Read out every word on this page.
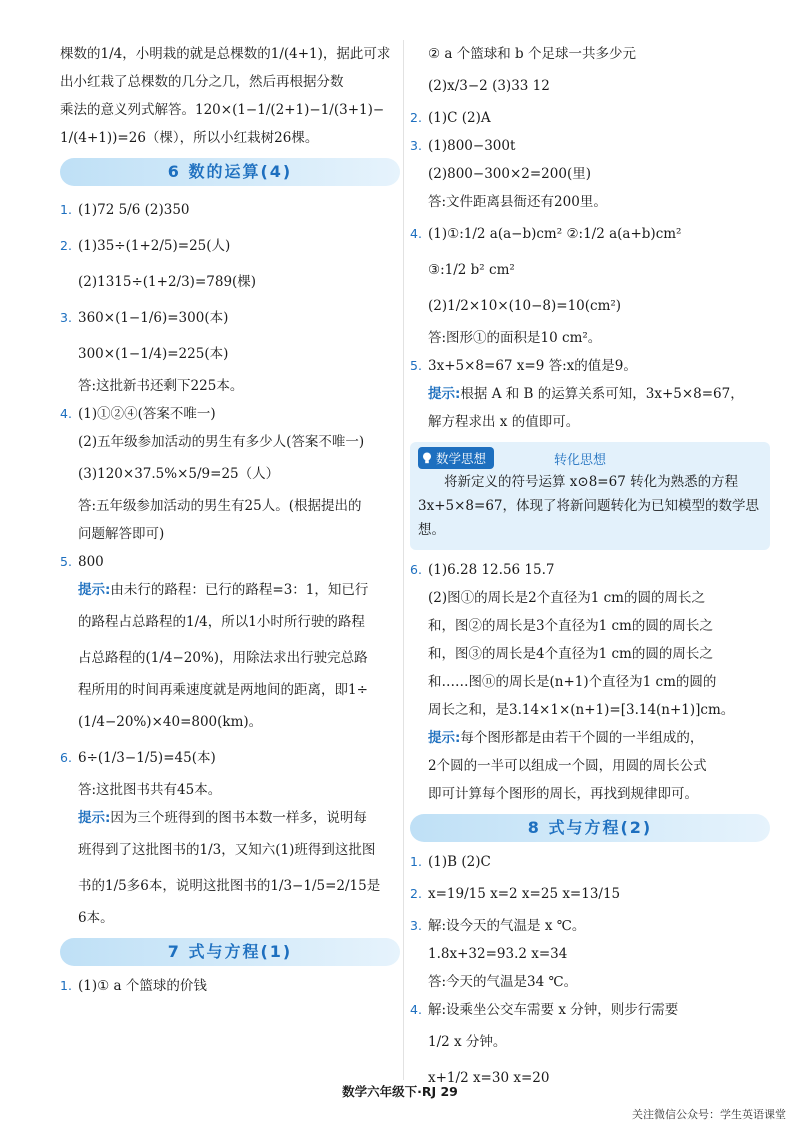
棵数的1/4，小明栽的就是总棵数的1/(4+1)，据此可求
出小红栽了总棵数的几分之几，然后再根据分数
乘法的意义列式解答。120×(1−1/(2+1)−1/(3+1)−
1/(4+1))=26（棵），所以小红栽树26棵。
6 数的运算(4)
1. (1)72 5/6 (2)350
2. (1)35÷(1+2/5)=25(人)
(2)1315÷(1+2/3)=789(棵)
3. 360×(1−1/6)=300(本)
300×(1−1/4)=225(本)
答:这批新书还剩下225本。
4. (1)①②④(答案不唯一)
(2)五年级参加活动的男生有多少人(答案不唯一)
(3)120×37.5%×5/9=25（人）
答:五年级参加活动的男生有25人。(根据提出的
问题解答即可)
5. 800
提示:由未行的路程：已行的路程=3：1，知已行
的路程占总路程的1/4，所以1小时所行驶的路程
占总路程的(1/4−20%)，用除法求出行驶完总路
程所用的时间再乘速度就是两地间的距离，即1÷
(1/4−20%)×40=800(km)。
6. 6÷(1/3−1/5)=45(本)
答:这批图书共有45本。
提示:因为三个班得到的图书本数一样多，说明每
班得到了这批图书的1/3，又知六(1)班得到这批图
书的1/5多6本，说明这批图书的1/3−1/5=2/15是
6本。
7 式与方程(1)
1. (1)① a 个篮球的价钱
② a 个篮球和 b 个足球一共多少元
(2)x/3−2 (3)33 12
2. (1)C (2)A
3. (1)800−300t
(2)800−300×2=200(里)
答:文件距离县衙还有200里。
4. (1)①:1/2 a(a−b)cm² ②:1/2 a(a+b)cm²
③:1/2 b² cm²
(2)1/2×10×(10−8)=10(cm²)
答:图形①的面积是10 cm²。
5. 3x+5×8=67 x=9 答:x的值是9。
提示:根据 A 和 B 的运算关系可知，3x+5×8=67，
解方程求出 x 的值即可。
数学思想	转化思想
将新定义的符号运算 x⊙8=67 转化为熟悉的方程 3x+5×8=67，体现了将新问题转化为已知模型的数学思想。
6. (1)6.28 12.56 15.7
(2)图①的周长是2个直径为1 cm的圆的周长之
和，图②的周长是3个直径为1 cm的圆的周长之
和，图③的周长是4个直径为1 cm的圆的周长之
和……图ⓝ的周长是(n+1)个直径为1 cm的圆的
周长之和，是3.14×1×(n+1)=[3.14(n+1)]cm。
提示:每个图形都是由若干个圆的一半组成的，
2个圆的一半可以组成一个圆，用圆的周长公式
即可计算每个图形的周长，再找到规律即可。
8 式与方程(2)
1. (1)B (2)C
2. x=19/15 x=2 x=25 x=13/15
3. 解:设今天的气温是 x ℃。
1.8x+32=93.2 x=34
答:今天的气温是34 ℃。
4. 解:设乘坐公交车需要 x 分钟，则步行需要
1/2 x 分钟。
x+1/2 x=30 x=20
数学六年级下·RJ 29
关注微信公众号：学生英语课堂
